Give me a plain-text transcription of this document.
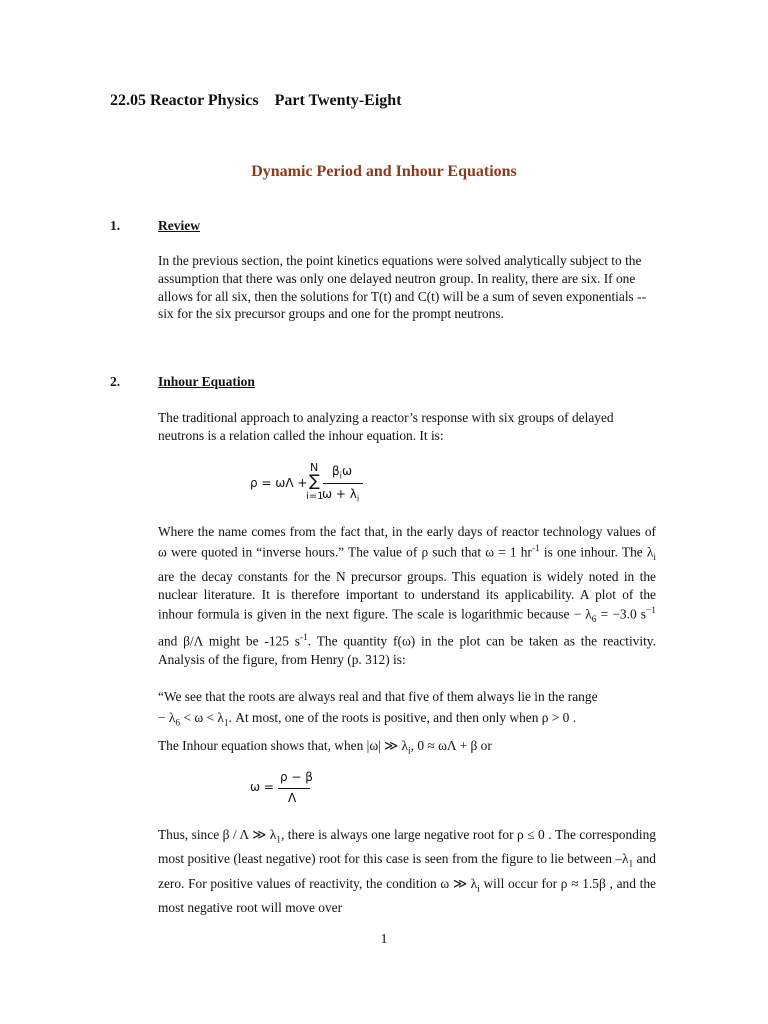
22.05 Reactor Physics    Part Twenty-Eight
Dynamic Period and Inhour Equations
1.	Review
In the previous section, the point kinetics equations were solved analytically subject to the assumption that there was only one delayed neutron group. In reality, there are six. If one allows for all six, then the solutions for T(t) and C(t) will be a sum of seven exponentials -- six for the six precursor groups and one for the prompt neutrons.
2.	Inhour Equation
The traditional approach to analyzing a reactor’s response with six groups of delayed neutrons is a relation called the inhour equation. It is:
ρ = ωΛ +
N
∑
i=1
$\beta_i\omega$
$\omega + \lambda_i$
Where the name comes from the fact that, in the early days of reactor technology values of ω were quoted in “inverse hours.” The value of ρ such that ω = 1 $hr^{-1}$ is one inhour. The $\lambda_i$ are the decay constants for the N precursor groups. This equation is widely noted in the nuclear literature. It is therefore important to understand its applicability. A plot of the inhour formula is given in the next figure. The scale is logarithmic because − $\lambda_6 = -3.0$ $s^{-1}$ and β/Λ might be -125 $s^{-1}$. The quantity f(ω) in the plot can be taken as the reactivity. Analysis of the figure, from Henry (p. 312) is:
“We see that the roots are always real and that five of them always lie in the range
− $\lambda_6 < \omega < \lambda_1$. At most, one of the roots is positive, and then only when ρ > 0 .
The Inhour equation shows that, when |ω| ≫ $\lambda_i$, 0 ≈ ωΛ + β or
ω =
ρ − β
Λ
Thus, since β / Λ ≫ $\lambda_1$, there is always one large negative root for ρ ≤ 0 . The corresponding most positive (least negative) root for this case is seen from the figure to lie between $-\lambda_1$ and zero. For positive values of reactivity, the condition ω ≫ $\lambda_i$ will occur for ρ ≈ 1.5β , and the most negative root will move over
1
